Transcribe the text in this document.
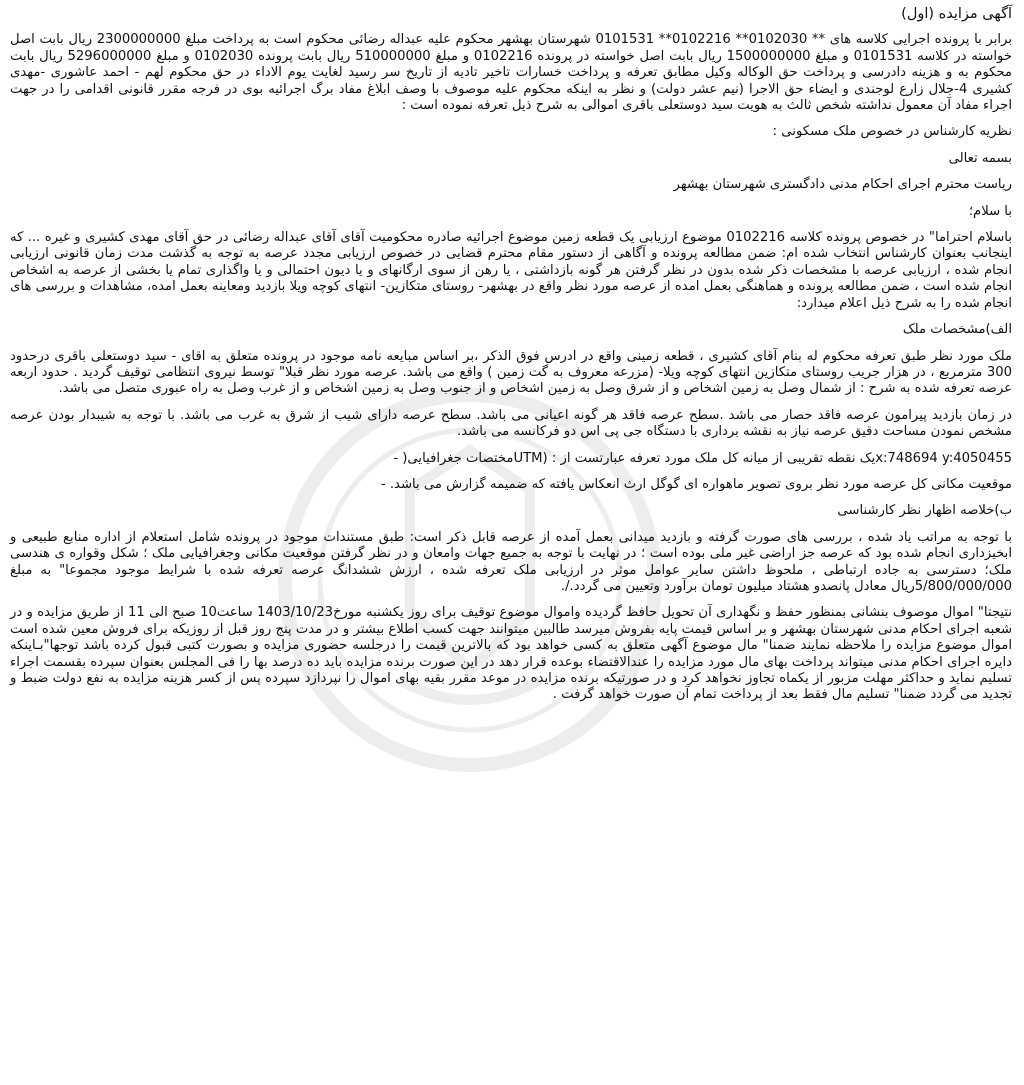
آگهی مزایده (اول)

برابر با پرونده اجرایی کلاسه های ** 0102030** 0102216** 0101531 شهرستان بهشهر محکوم علیه عبداله رضائی محکوم است به پرداخت مبلغ 2300000000 ریال بابت اصل خواسته در کلاسه 0101531 و مبلغ 1500000000 ریال بابت اصل خواسته در پرونده 0102216 و مبلغ 510000000 ریال بابت پرونده 0102030 و مبلغ 5296000000 ریال بابت محکوم به و هزینه دادرسی و پرداخت حق الوکاله وکیل مطابق تعرفه و پرداخت خسارات تاخیر تادیه از تاریخ سر رسید لغایت یوم الاداء در حق محکوم لهم - احمد عاشوری -مهدی کشیری 4-جلال زارع لوجندی و ایضاء حق الاجرا (نیم عشر دولت) و نظر به اینکه محکوم علیه موصوف با وصف ابلاغ مفاد برگ اجرائیه بوی در فرجه مقرر قانونی اقدامی را در جهت اجراء مفاد آن معمول نداشته شخص ثالث به هویت سید دوستعلی باقری اموالی به شرح ذیل تعرفه نموده است :

نظریه کارشناس در خصوص ملک مسکونی :

بسمه تعالی

ریاست محترم اجرای احکام مدنی دادگستری شهرستان بهشهر

با سلام؛

باسلام احتراما" در خصوص پرونده کلاسه 0102216 موضوع ارزیابی یک قطعه زمین موضوع اجرائیه صادره محکومیت آقای آقای عبداله رضائی در حق آقای مهدی کشیری و غیره ... که اینجانب بعنوان کارشناس انتخاب شده ام: ضمن مطالعه پرونده و آگاهی از دستور مقام محترم قضایی در خصوص ارزیابی مجدد عرصه به توجه به گذشت مدت زمان قانونی ارزیابی انجام شده ، ارزیابی عرصه با مشخصات ذکر شده بدون در نظر گرفتن هر گونه بازداشتی ، یا رهن از سوی ارگانهای و یا دیون احتمالی و یا واگذاری تمام یا بخشی از عرصه به اشخاص انجام شده است ، ضمن مطالعه پرونده و هماهنگی بعمل امده از عرصه مورد نظر واقع در بهشهر- روستای متکازین- انتهای کوچه ویلا بازدید ومعاینه بعمل امده، مشاهدات و بررسی های انجام شده را به شرح ذیل اعلام میدارد:

الف)مشخصات ملک

ملک مورد نظر طبق تعرفه محکوم له بنام آقای کشیری ، قطعه زمینی واقع در ادرس فوق الذکر ،بر اساس مبایعه نامه موجود در پرونده متعلق به اقای - سید دوستعلی باقری درحدود 300 مترمربع ، در هزار جریب روستای متکازین انتهای کوچه ویلا- (مزرعه معروف به گت زمین ) واقع می باشد. عرصه مورد نظر قبلا" توسط نیروی انتظامی توقیف گردید . حدود اربعه عرصه تعرفه شده به شرح : از شمال وصل به زمین اشخاص و از شرق وصل به زمین اشخاص و از جنوب وصل به زمین اشخاص و از غرب وصل به راه عبوری متصل می باشد.

در زمان بازدید پیرامون عرصه فاقد حصار می باشد .سطح عرصه فاقد هر گونه اعیانی می باشد. سطح عرصه دارای شیب از شرق به غرب می باشد. با توجه به شیبدار بودن عرصه مشخص نمودن مساحت دقیق عرصه نیاز به نقشه برداری با دستگاه جی پی اس دو فرکانسه می باشد.

x:748694 y:4050455یک نقطه تقریبی از میانه کل ملک مورد تعرفه عبارتست از : (UTMمختصات جغرافیایی( -

موقعیت مکانی کل عرصه مورد نظر بروی تصویر ماهواره ای گوگل ارث انعکاس یافته که ضمیمه گزارش می باشد. -

ب)خلاصه اظهار نظر کارشناسی

با توجه به مراتب یاد شده ، بررسی های صورت گرفته و بازدید میدانی بعمل آمده از عرصه قابل ذکر است: طبق مستندات موجود در پرونده شامل استعلام از اداره منابع طبیعی و ابخیزداری انجام شده بود که عرصه جز اراضی غیر ملی بوده است ؛ در نهایت با توجه به جمیع جهات وامعان و در نظر گرفتن موقعیت مکانی وجغرافیایی ملک ؛ شکل وقواره ی هندسی ملک؛ دسترسی به جاده ارتباطی ، ملحوظ داشتن سایر عوامل موثر در ارزیابی ملک تعرفه شده ، ارزش ششدانگ عرصه تعرفه شده با شرایط موجود مجموعا" به مبلغ 5/800/000/000ریال معادل پانصدو هشتاد میلیون تومان برآورد وتعیین می گردد./.

نتیجتا" اموال موصوف بنشانی بمنظور حفظ و نگهداری آن تحویل حافظ گردیده واموال موضوع توقیف برای روز یکشنبه مورخ1403/10/23 ساعت10 صبح الی 11 از طریق مزایده و در شعبه اجرای احکام مدنی شهرستان بهشهر و بر اساس قیمت پایه بفروش میرسد طالبین میتوانند جهت کسب اطلاع بیشتر و در مدت پنج روز قبل از روزیکه برای فروش معین شده است اموال موضوع مزایده را ملاحظه نمایند ضمنا" مال موضوع آگهی متعلق به کسی خواهد بود که بالاترین قیمت را درجلسه حضوری مزایده و بصورت کتبی قبول کرده باشد توجها"بـاینکه دایره اجرای احکام مدنی میتواند پرداخت بهای مال مورد مزایده را عندالاقتضاء بوعده قرار دهد در این صورت برنده مزایده باید ده درصد بها را فی المجلس بعنوان سپرده بقسمت اجراء تسلیم نماید و حداکثر مهلت مزبور از یکماه تجاوز نخواهد کرد و در صورتیکه برنده مزایده در موعد مقرر بقیه بهای اموال را نپردازد سپرده پس از کسر هزینه مزایده به نفع دولت ضبط و تجدید می گردد ضمنا" تسلیم مال فقط بعد از پرداخت تمام آن صورت خواهد گرفت .
